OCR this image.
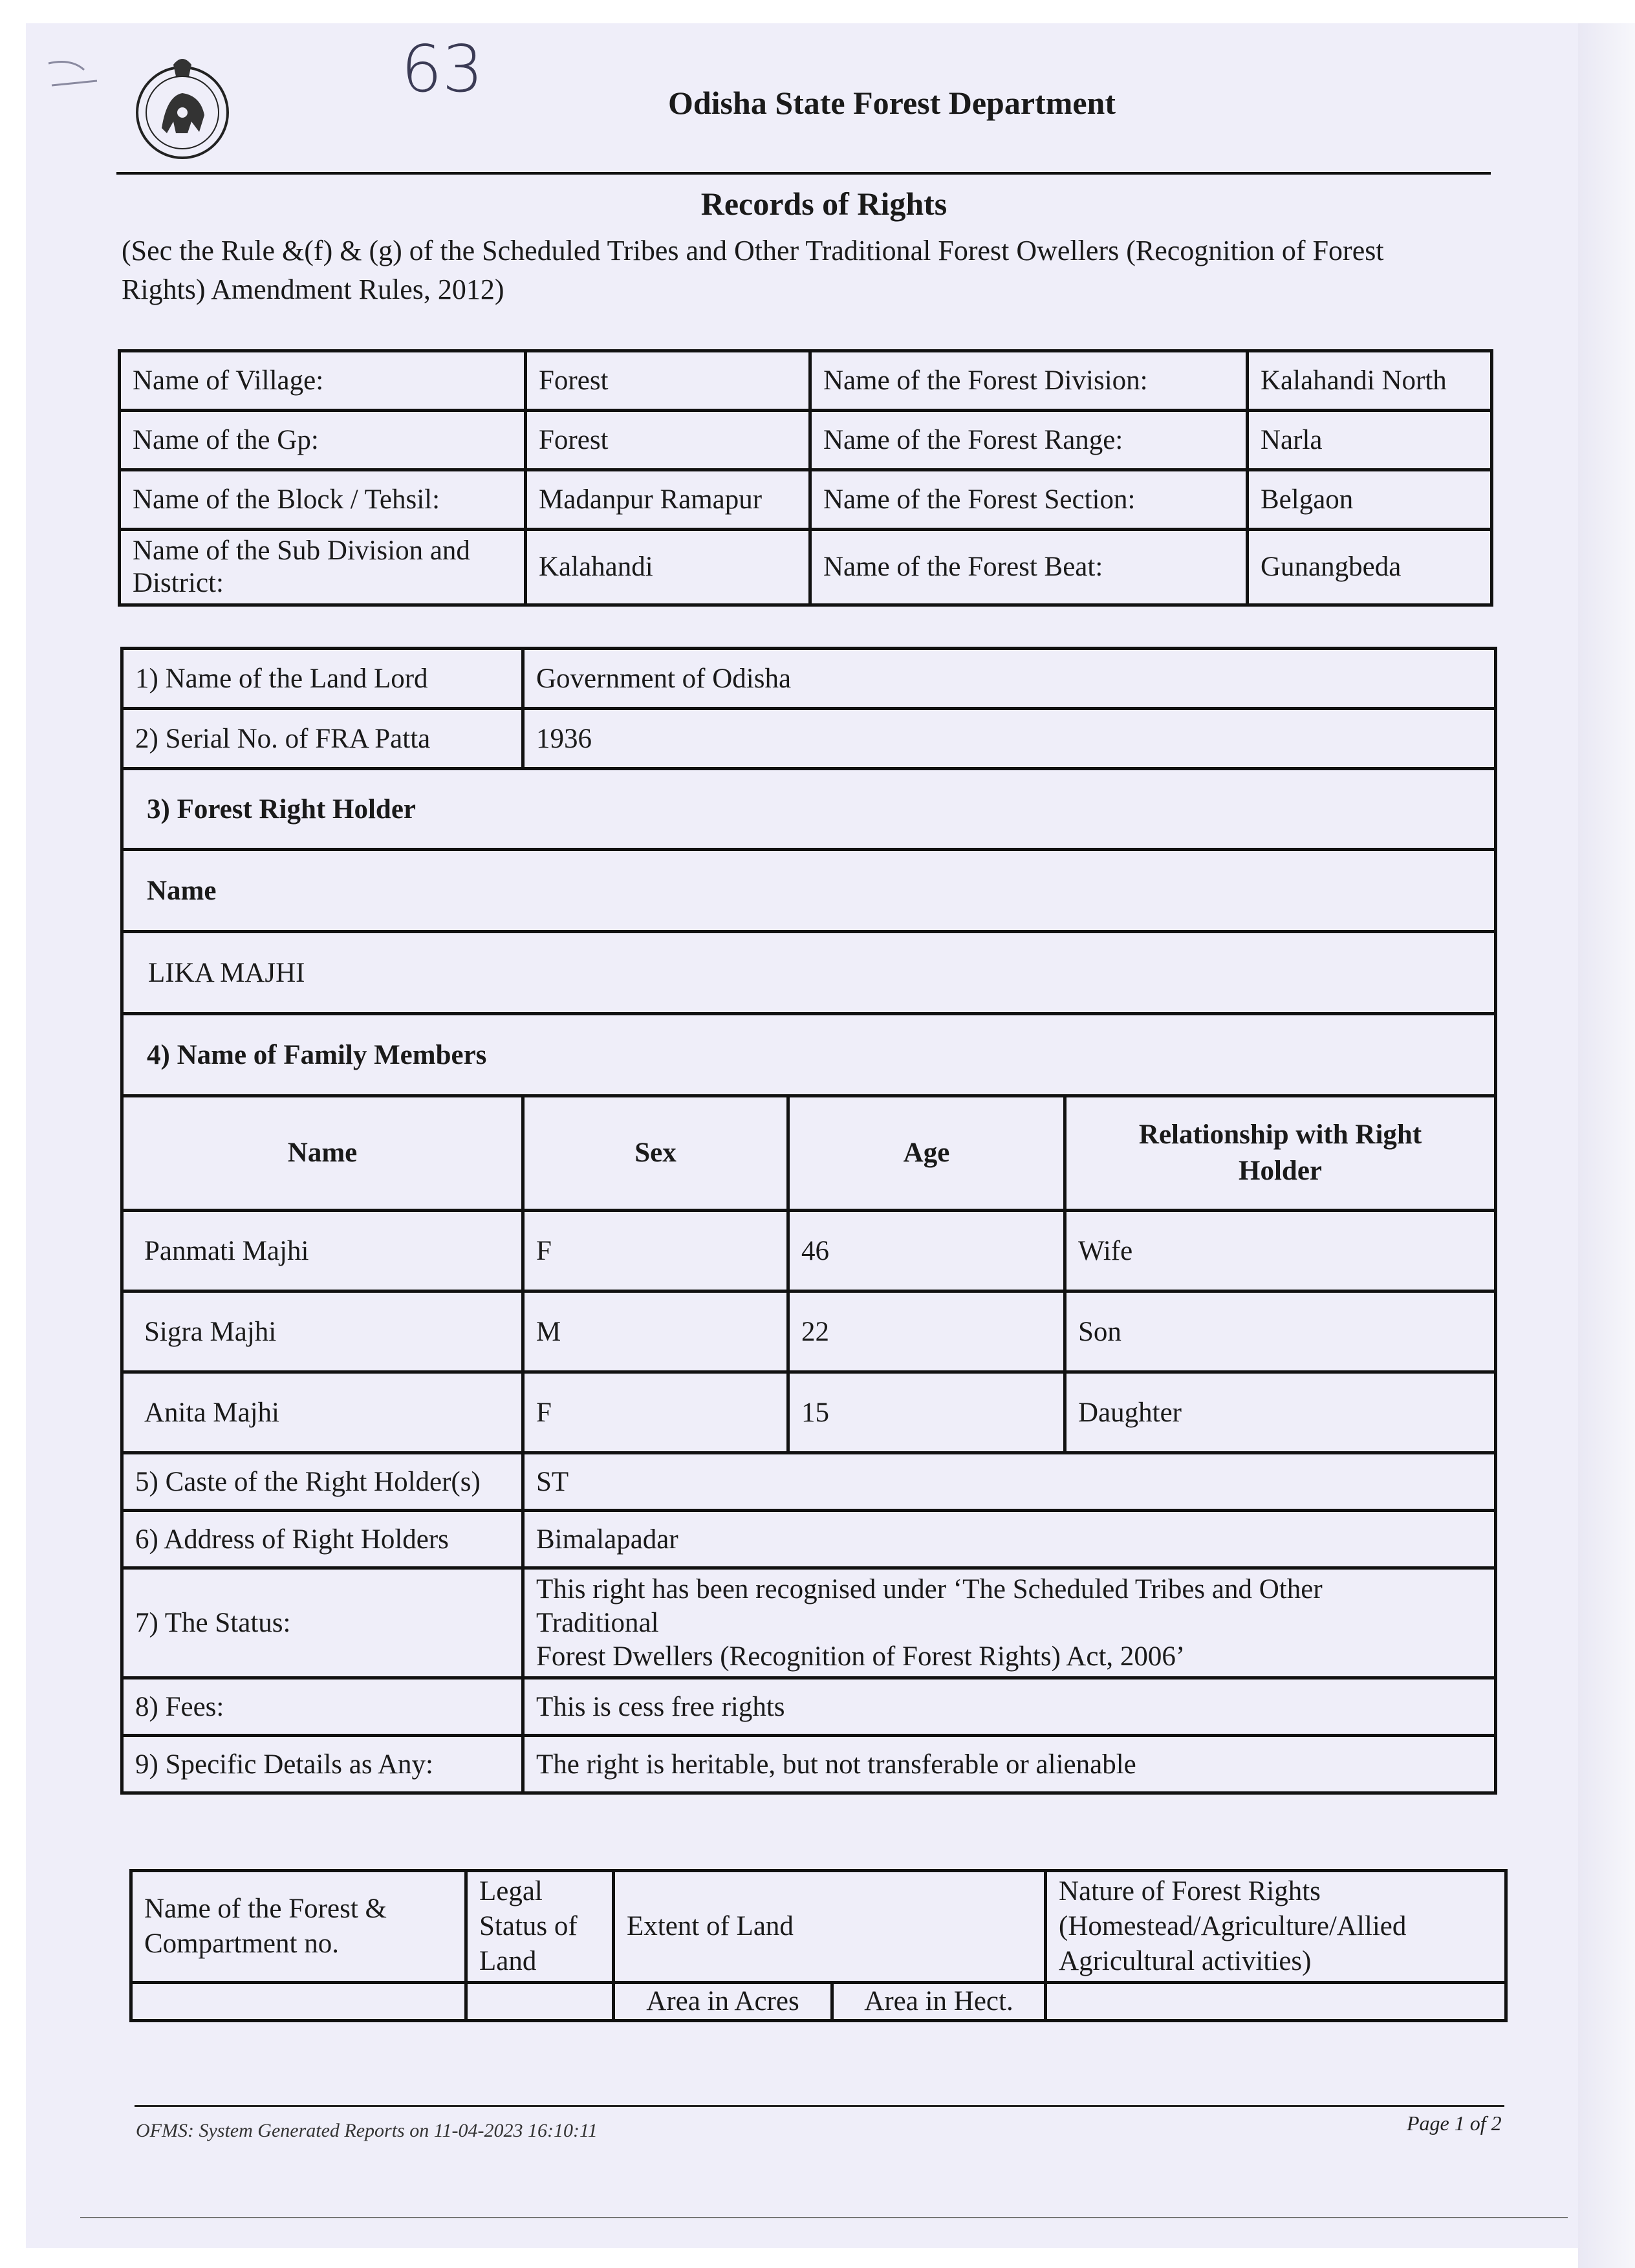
63	Odisha State Forest Department
Records of Rights
(Sec the Rule &(f) & (g) of the Scheduled Tribes and Other Traditional Forest Owellers (Recognition of Forest Rights) Amendment Rules, 2012)
Name of Village:	Forest	Name of the Forest Division:	Kalahandi North
Name of the Gp:	Forest	Name of the Forest Range:	Narla
Name of the Block / Tehsil:	Madanpur Ramapur	Name of the Forest Section:	Belgaon
Name of the Sub Division and District:	Kalahandi	Name of the Forest Beat:	Gunangbeda
1) Name of the Land Lord	Government of Odisha		
2) Serial No. of FRA Patta	1936		
3) Forest Right Holder			
Name			
LIKA MAJHI			
4) Name of Family Members			
Name	Sex	Age	Relationship with Right Holder
Panmati Majhi	F	46	Wife
Sigra Majhi	M	22	Son
Anita Majhi	F	15	Daughter
5) Caste of the Right Holder(s)	ST		
6) Address of Right Holders	Bimalapadar		
7) The Status:	This right has been recognised under ‘The Scheduled Tribes and Other
Traditional
Forest Dwellers (Recognition of Forest Rights) Act, 2006’		

8) Fees:	This is cess free rights		
9) Specific Details as Any:	The right is heritable, but not transferable or alienable		
Name of the Forest & Compartment no.	Legal Status of Land	Extent of Land		Nature of Forest Rights (Homestead/Agriculture/Allied Agricultural activities)
		Area in Acres	Area in Hect.	
OFMS: System Generated Reports on 11-04-2023 16:10:11	Page 1 of 2
